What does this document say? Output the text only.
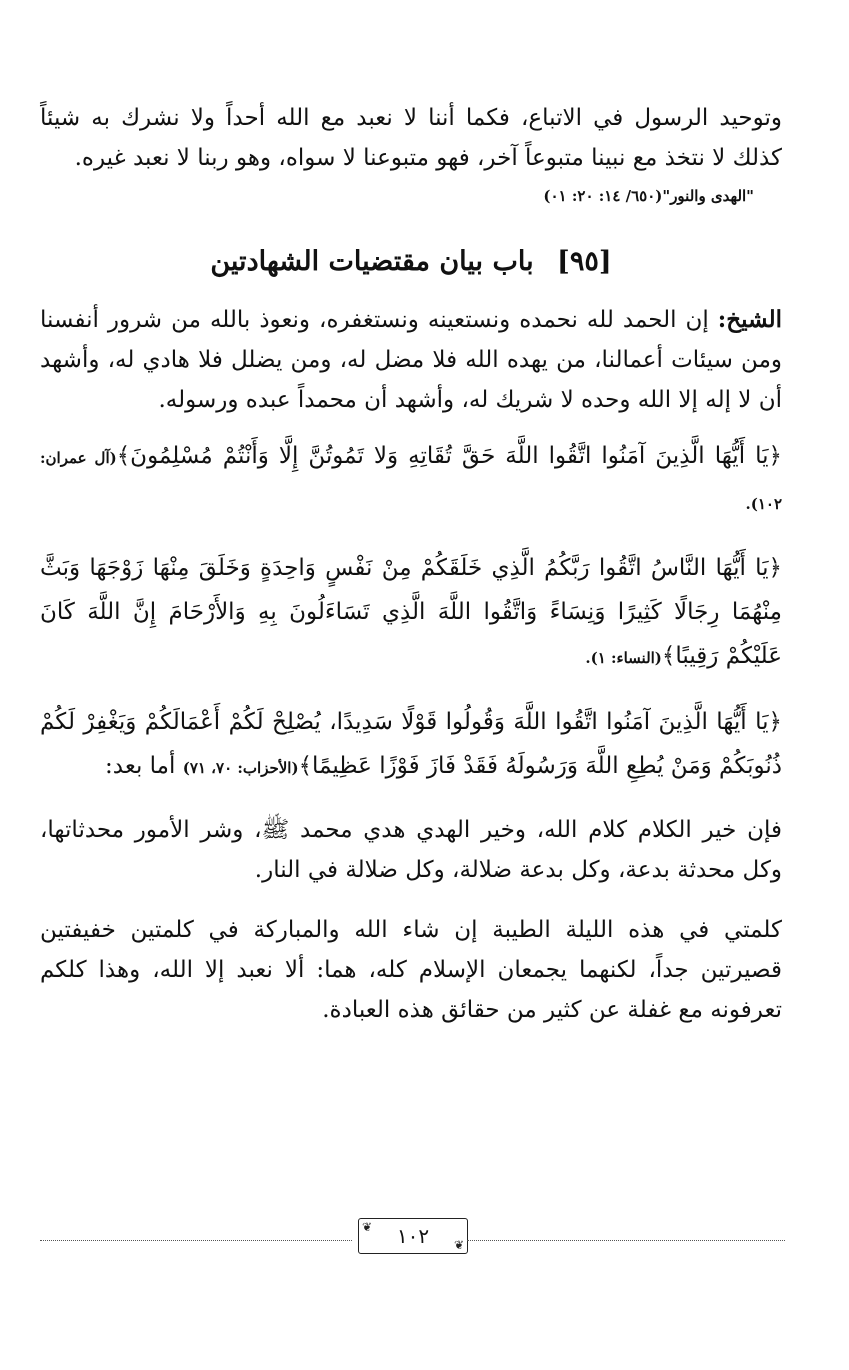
وتوحيد الرسول في الاتباع، فكما أننا لا نعبد مع الله أحداً ولا نشرك به شيئاً كذلك لا نتخذ مع نبينا متبوعاً آخر، فهو متبوعنا لا سواه، وهو ربنا لا نعبد غيره.

"الهدى والنور"(٦٥٠/ ١٤: ٢٠: ٠١)

[٩٥] باب بيان مقتضيات الشهادتين

الشيخ: إن الحمد لله نحمده ونستعينه ونستغفره، ونعوذ بالله من شرور أنفسنا ومن سيئات أعمالنا، من يهده الله فلا مضل له، ومن يضلل فلا هادي له، وأشهد أن لا إله إلا الله وحده لا شريك له، وأشهد أن محمداً عبده ورسوله.

﴿يَا أَيُّهَا الَّذِينَ آمَنُوا اتَّقُوا اللَّهَ حَقَّ تُقَاتِهِ وَلا تَمُوتُنَّ إِلَّا وَأَنْتُمْ مُسْلِمُونَ﴾(آل عمران: ١٠٢).

﴿يَا أَيُّهَا النَّاسُ اتَّقُوا رَبَّكُمُ الَّذِي خَلَقَكُمْ مِنْ نَفْسٍ وَاحِدَةٍ وَخَلَقَ مِنْهَا زَوْجَهَا وَبَثَّ مِنْهُمَا رِجَالًا كَثِيرًا وَنِسَاءً وَاتَّقُوا اللَّهَ الَّذِي تَسَاءَلُونَ بِهِ وَالأَرْحَامَ إِنَّ اللَّهَ كَانَ عَلَيْكُمْ رَقِيبًا﴾(النساء: ١).

﴿يَا أَيُّهَا الَّذِينَ آمَنُوا اتَّقُوا اللَّهَ وَقُولُوا قَوْلًا سَدِيدًا، يُصْلِحْ لَكُمْ أَعْمَالَكُمْ وَيَغْفِرْ لَكُمْ ذُنُوبَكُمْ وَمَنْ يُطِعِ اللَّهَ وَرَسُولَهُ فَقَدْ فَازَ فَوْزًا عَظِيمًا﴾(الأحزاب: ٧٠، ٧١) أما بعد:

فإن خير الكلام كلام الله، وخير الهدي هدي محمد ﷺ، وشر الأمور محدثاتها، وكل محدثة بدعة، وكل بدعة ضلالة، وكل ضلالة في النار.

كلمتي في هذه الليلة الطيبة إن شاء الله والمباركة في كلمتين خفيفتين قصيرتين جداً، لكنهما يجمعان الإسلام كله، هما: ألا نعبد إلا الله، وهذا كلكم تعرفونه مع غفلة عن كثير من حقائق هذه العبادة.

❦ ١٠٢ ❦
